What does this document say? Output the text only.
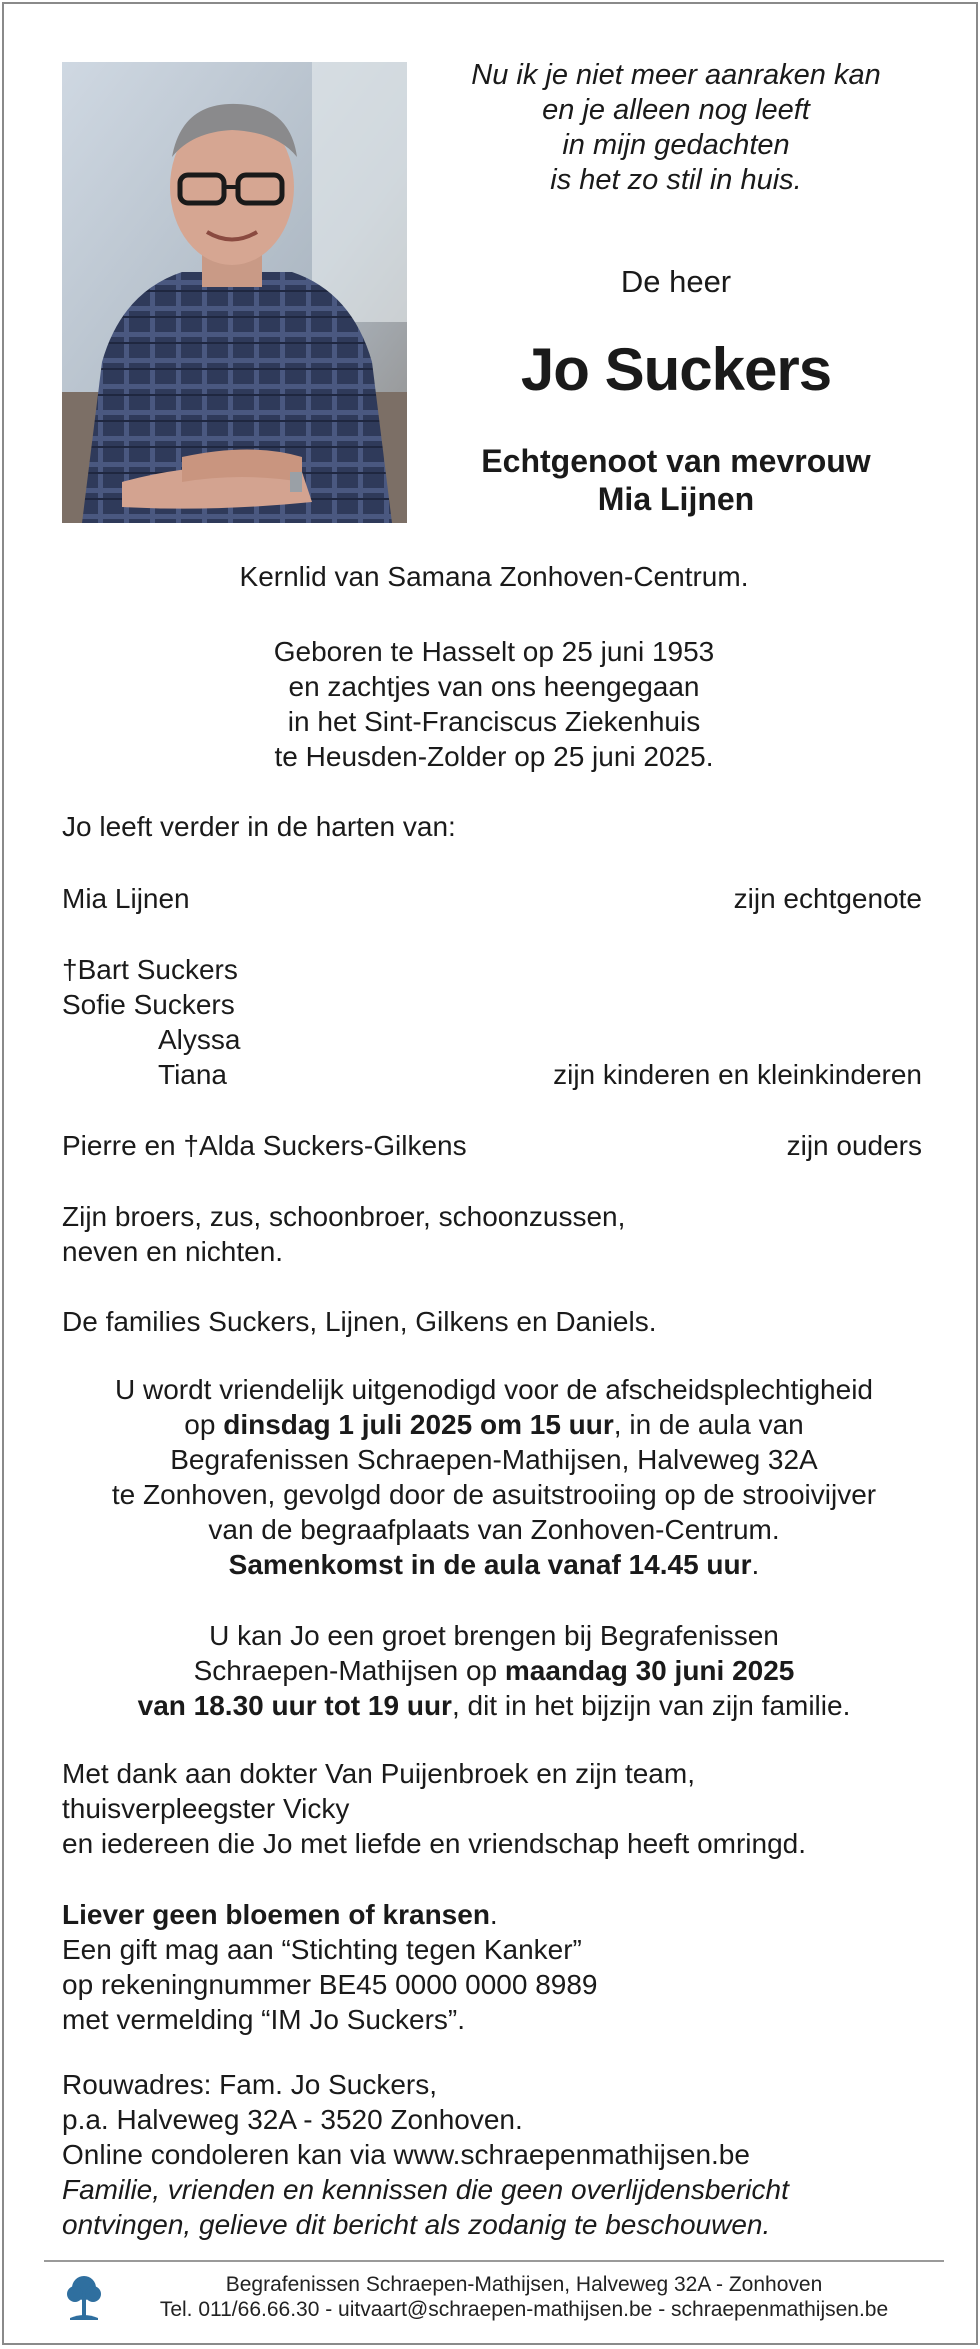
Nu ik je niet meer aanraken kan
en je alleen nog leeft
in mijn gedachten
is het zo stil in huis.
De heer
Jo Suckers
Echtgenoot van mevrouw
Mia Lijnen
Kernlid van Samana Zonhoven-Centrum.
Geboren te Hasselt op 25 juni 1953
en zachtjes van ons heengegaan
in het Sint-Franciscus Ziekenhuis
te Heusden-Zolder op 25 juni 2025.
Jo leeft verder in de harten van:
Mia Lijnen	zijn echtgenote
†Bart Suckers
Sofie Suckers
Alyssa
Tiana	zijn kinderen en kleinkinderen
Pierre en †Alda Suckers-Gilkens	zijn ouders
Zijn broers, zus, schoonbroer, schoonzussen,
neven en nichten.
De families Suckers, Lijnen, Gilkens en Daniels.
U wordt vriendelijk uitgenodigd voor de afscheidsplechtigheid
op dinsdag 1 juli 2025 om 15 uur, in de aula van
Begrafenissen Schraepen-Mathijsen, Halveweg 32A
te Zonhoven, gevolgd door de asuitstrooiing op de strooivijver
van de begraafplaats van Zonhoven-Centrum.
Samenkomst in de aula vanaf 14.45 uur.
U kan Jo een groet brengen bij Begrafenissen
Schraepen-Mathijsen op maandag 30 juni 2025
van 18.30 uur tot 19 uur, dit in het bijzijn van zijn familie.
Met dank aan dokter Van Puijenbroek en zijn team,
thuisverpleegster Vicky
en iedereen die Jo met liefde en vriendschap heeft omringd.
Liever geen bloemen of kransen.
Een gift mag aan “Stichting tegen Kanker”
op rekeningnummer BE45 0000 0000 8989
met vermelding “IM Jo Suckers”.
Rouwadres: Fam. Jo Suckers,
p.a. Halveweg 32A - 3520 Zonhoven.
Online condoleren kan via www.schraepenmathijsen.be
Familie, vrienden en kennissen die geen overlijdensbericht
ontvingen, gelieve dit bericht als zodanig te beschouwen.
Begrafenissen Schraepen-Mathijsen, Halveweg 32A - Zonhoven
Tel. 011/66.66.30 - uitvaart@schraepen-mathijsen.be - schraepenmathijsen.be
